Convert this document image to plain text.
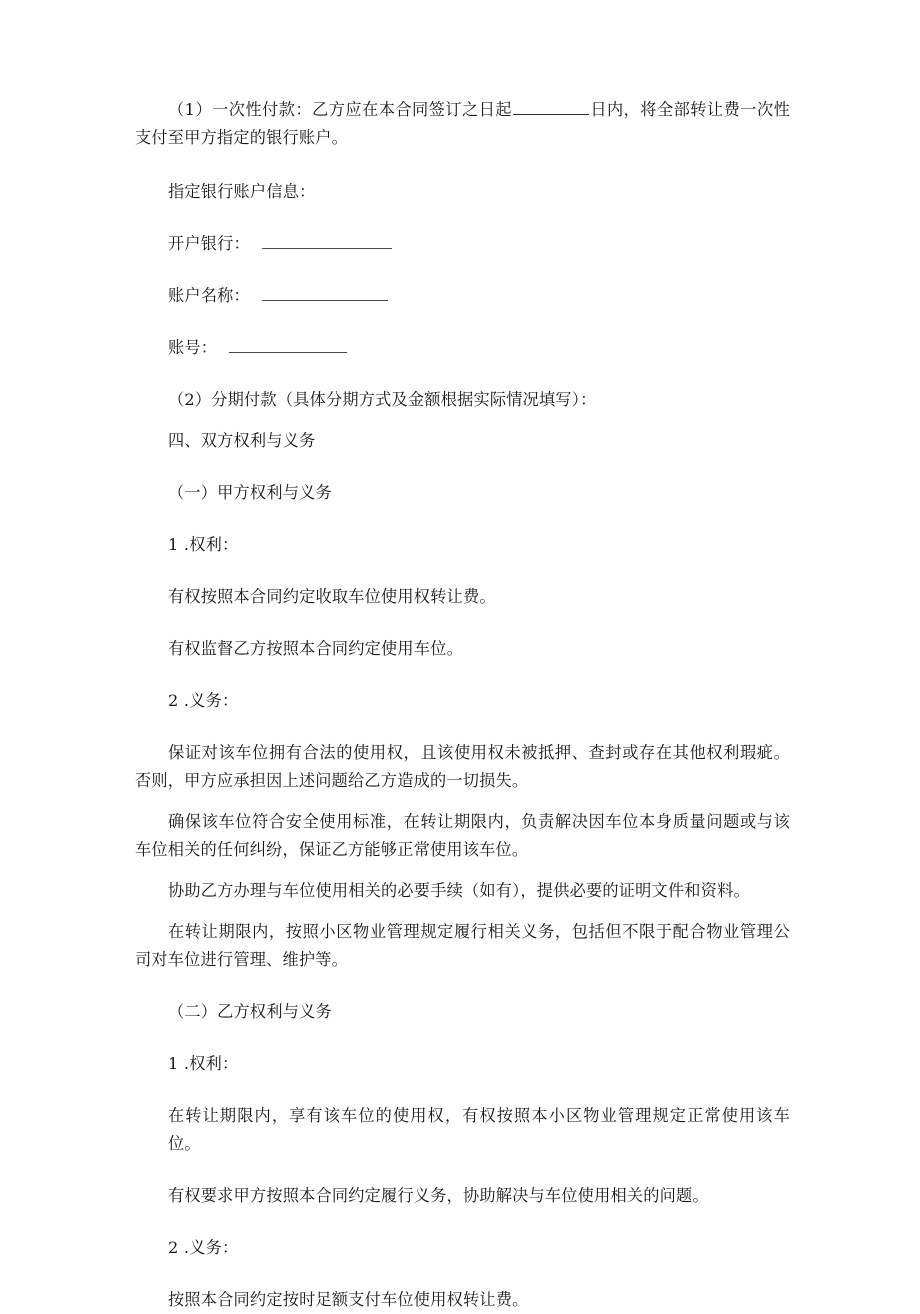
（1）一次性付款：乙方应在本合同签订之日起	日内，将全部转让费一次性支付至甲方指定的银行账户。

指定银行账户信息：

开户银行：

账户名称：

账号：

（2）分期付款（具体分期方式及金额根据实际情况填写）：

四、双方权利与义务

（一）甲方权利与义务

1 .权利：

有权按照本合同约定收取车位使用权转让费。

有权监督乙方按照本合同约定使用车位。

2 .义务：

保证对该车位拥有合法的使用权，且该使用权未被抵押、查封或存在其他权利瑕疵。否则，甲方应承担因上述问题给乙方造成的一切损失。

确保该车位符合安全使用标准，在转让期限内，负责解决因车位本身质量问题或与该车位相关的任何纠纷，保证乙方能够正常使用该车位。

协助乙方办理与车位使用相关的必要手续（如有），提供必要的证明文件和资料。

在转让期限内，按照小区物业管理规定履行相关义务，包括但不限于配合物业管理公司对车位进行管理、维护等。

（二）乙方权利与义务

1 .权利：

在转让期限内，享有该车位的使用权，有权按照本小区物业管理规定正常使用该车位。

有权要求甲方按照本合同约定履行义务，协助解决与车位使用相关的问题。

2 .义务：

按照本合同约定按时足额支付车位使用权转让费。
